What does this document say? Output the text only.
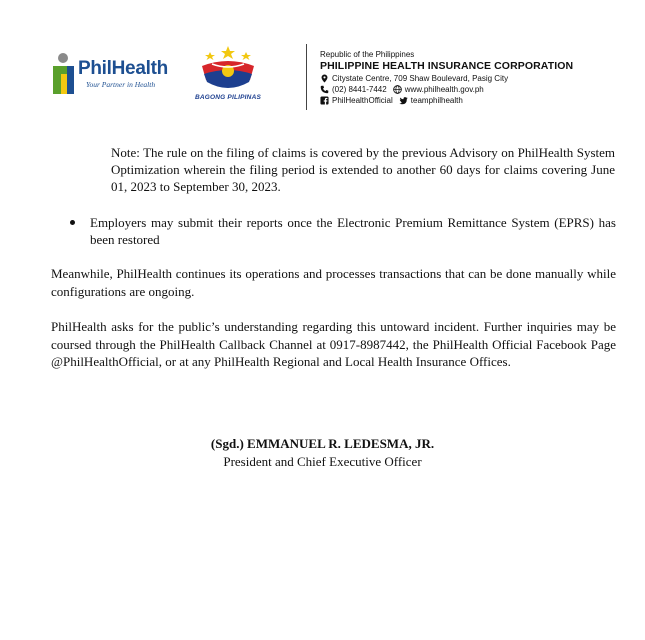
PhilHealth
Your Partner in Health
BAGONG PILIPINAS
Republic of the Philippines
PHILIPPINE HEALTH INSURANCE CORPORATION
Citystate Centre, 709 Shaw Boulevard, Pasig City
(02) 8441-7442 www.philhealth.gov.ph
PhilHealthOfficial teamphilhealth
Note: The rule on the filing of claims is covered by the previous Advisory on PhilHealth System Optimization wherein the filing period is extended to another 60 days for claims covering June 01, 2023 to September 30, 2023.
Employers may submit their reports once the Electronic Premium Remittance System (EPRS) has been restored
Meanwhile, PhilHealth continues its operations and processes transactions that can be done manually while configurations are ongoing.
PhilHealth asks for the public’s understanding regarding this untoward incident. Further inquiries may be coursed through the PhilHealth Callback Channel at 0917-8987442, the PhilHealth Official Facebook Page @PhilHealthOfficial, or at any PhilHealth Regional and Local Health Insurance Offices.
(Sgd.) EMMANUEL R. LEDESMA, JR.
President and Chief Executive Officer
